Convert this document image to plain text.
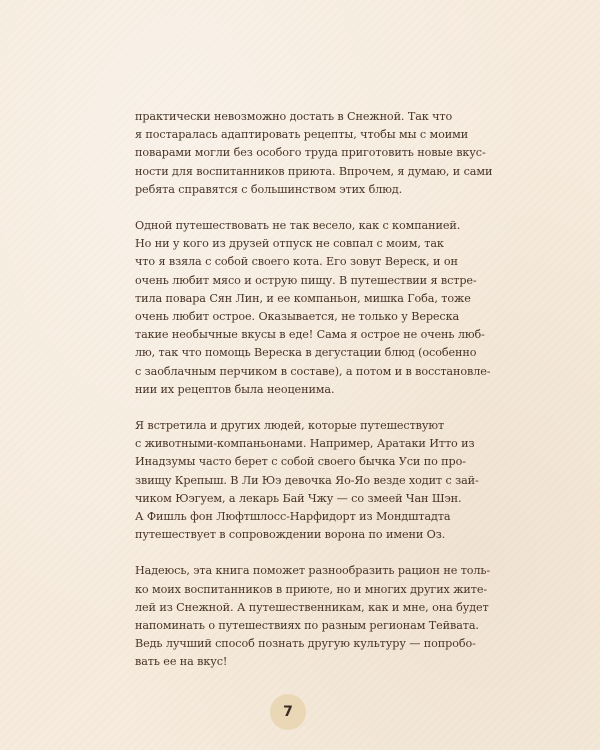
практически невозможно достать в Снежной. Так что
я постаралась адаптировать рецепты, чтобы мы с моими
поварами могли без особого труда приготовить новые вкус-
ности для воспитанников приюта. Впрочем, я думаю, и сами
ребята справятся с большинством этих блюд.

Одной путешествовать не так весело, как с компанией.
Но ни у кого из друзей отпуск не совпал с моим, так
что я взяла с собой своего кота. Его зовут Вереск, и он
очень любит мясо и острую пищу. В путешествии я встре-
тила повара Сян Лин, и ее компаньон, мишка Гоба, тоже
очень любит острое. Оказывается, не только у Вереска
такие необычные вкусы в еде! Сама я острое не очень люб-
лю, так что помощь Вереска в дегустации блюд (особенно
с заоблачным перчиком в составе), а потом и в восстановле-
нии их рецептов была неоценима.

Я встретила и других людей, которые путешествуют
с животными-компаньонами. Например, Аратаки Итто из
Инадзумы часто берет с собой своего бычка Уси по про-
звищу Крепыш. В Ли Юэ девочка Яо-Яо везде ходит с зай-
чиком Юэгуем, а лекарь Бай Чжу — со змеей Чан Шэн.
А Фишль фон Люфтшлосс-Нарфидорт из Мондштадта
путешествует в сопровождении ворона по имени Оз.

Надеюсь, эта книга поможет разнообразить рацион не толь-
ко моих воспитанников в приюте, но и многих других жите-
лей из Снежной. А путешественникам, как и мне, она будет
напоминать о путешествиях по разным регионам Тейвата.
Ведь лучший способ познать другую культуру — попробо-
вать ее на вкус!

7
